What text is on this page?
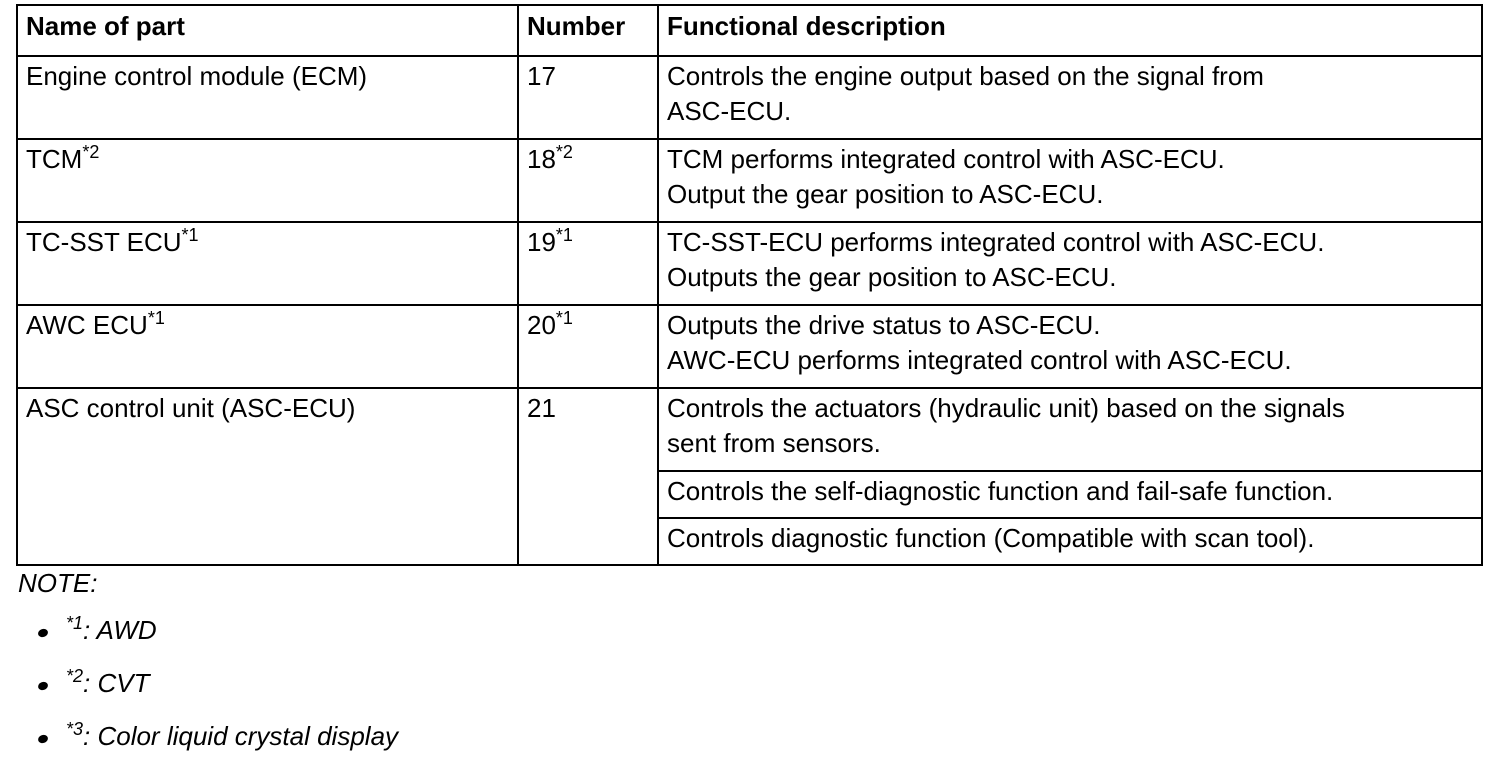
Name of part	Number	Functional description
Engine control module (ECM)	17	Controls the engine output based on the signal from
ASC-ECU.

TCM$^{*2}$	18$^{*2}$	TCM performs integrated control with ASC-ECU.
Output the gear position to ASC-ECU.

TC-SST ECU$^{*1}$	19$^{*1}$	TC-SST-ECU performs integrated control with ASC-ECU.
Outputs the gear position to ASC-ECU.

AWC ECU$^{*1}$	20$^{*1}$	Outputs the drive status to ASC-ECU.
AWC-ECU performs integrated control with ASC-ECU.

ASC control unit (ASC-ECU)	21	Controls the actuators (hydraulic unit) based on the signals
sent from sensors.

		Controls the self-diagnostic function and fail-safe function.
		Controls diagnostic function (Compatible with scan tool).
NOTE:
$^{*1}$: AWD
$^{*2}$: CVT
$^{*3}$: Color liquid crystal display
